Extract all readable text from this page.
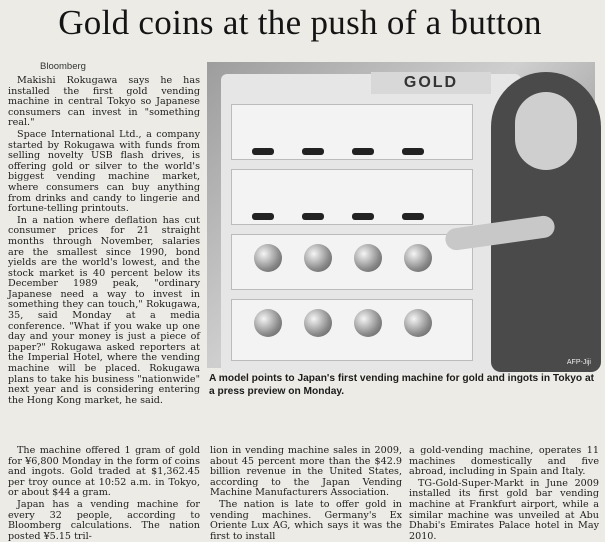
Gold coins at the push of a button
Bloomberg

Makishi Rokugawa says he has installed the first gold vending machine in central Tokyo so Japanese consumers can invest in "something real."

Space International Ltd., a company started by Rokugawa with funds from selling novelty USB flash drives, is offering gold or silver to the world's biggest vending machine market, where consumers can buy anything from drinks and candy to lingerie and fortune-telling printouts.

In a nation where deflation has cut consumer prices for 21 straight months through November, salaries are the smallest since 1990, bond yields are the world's lowest, and the stock market is 40 percent below its December 1989 peak, "ordinary Japanese need a way to invest in something they can touch," Rokugawa, 35, said Monday at a media conference. "What if you wake up one day and your money is just a piece of paper?" Rokugawa asked reporters at the Imperial Hotel, where the vending machine will be placed. Rokugawa plans to take his business "nationwide" next year and is considering entering the Hong Kong market, he said.

GOLD
AFP-Jiji
A model points to Japan's first vending machine for gold and ingots in Tokyo at a press preview on Monday.

The machine offered 1 gram of gold for ¥6,800 Monday in the form of coins and ingots. Gold traded at $1,362.45 per troy ounce at 10:52 a.m. in Tokyo, or about $44 a gram.

Japan has a vending machine for every 32 people, according to Bloomberg calculations. The nation posted ¥5.15 tril-

lion in vending machine sales in 2009, about 45 percent more than the $42.9 billion revenue in the United States, according to the Japan Vending Machine Manufacturers Association.

The nation is late to offer gold in vending machines. Germany's Ex Oriente Lux AG, which says it was the first to install

a gold-vending machine, operates 11 machines domestically and five abroad, including in Spain and Italy.

TG-Gold-Super-Markt in June 2009 installed its first gold bar vending machine at Frankfurt airport, while a similar machine was unveiled at Abu Dhabi's Emirates Palace hotel in May 2010.
